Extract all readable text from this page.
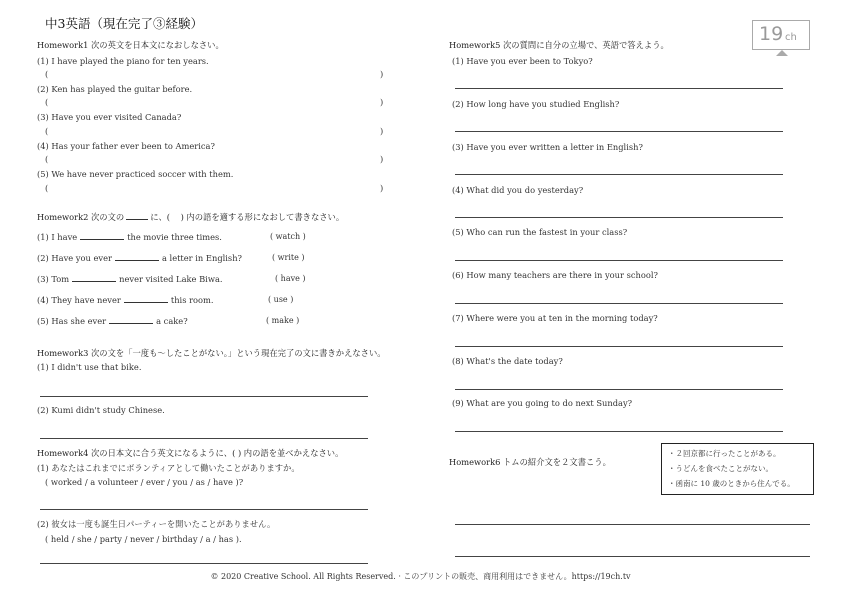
中3英語（現在完了③経験）	19 ch
Homework1 次の英文を日本文になおしなさい。
(1) I have played the piano for ten years.
(	)
(2) Ken has played the guitar before.
(	)
(3) Have you ever visited Canada?
(	)
(4) Has your father ever been to America?
(	)
(5) We have never practiced soccer with them.
(	)
Homework2 次の文の	に、( ) 内の語を適する形になおして書きなさい。
(1) I have	the movie three times.	( watch )
(2) Have you ever	a letter in English?	( write )
(3) Tom	never visited Lake Biwa.	( have )
(4) They have never	this room.	( use )
(5) Has she ever	a cake?	( make )
Homework3 次の文を「一度も～したことがない。」という現在完了の文に書きかえなさい。
(1) I didn't use that bike.
(2) Kumi didn't study Chinese.
Homework4 次の日本文に合う英文になるように、( ) 内の語を並べかえなさい。
(1) あなたはこれまでにボランティアとして働いたことがありますか。
( worked / a volunteer / ever / you / as / have )?
(2) 彼女は一度も誕生日パーティーを開いたことがありません。
( held / she / party / never / birthday / a / has ).
Homework5 次の質問に自分の立場で、英語で答えよう。
(1) Have you ever been to Tokyo?
(2) How long have you studied English?
(3) Have you ever written a letter in English?
(4) What did you do yesterday?
(5) Who can run the fastest in your class?
(6) How many teachers are there in your school?
(7) Where were you at ten in the morning today?
(8) What's the date today?
(9) What are you going to do next Sunday?
Homework6 トムの紹介文を２文書こう。
・２回京都に行ったことがある。
・うどんを食べたことがない。
・函南に 10 歳のときから住んでる。
© 2020 Creative School. All Rights Reserved. · このプリントの販売、商用利用はできません。https://19ch.tv
